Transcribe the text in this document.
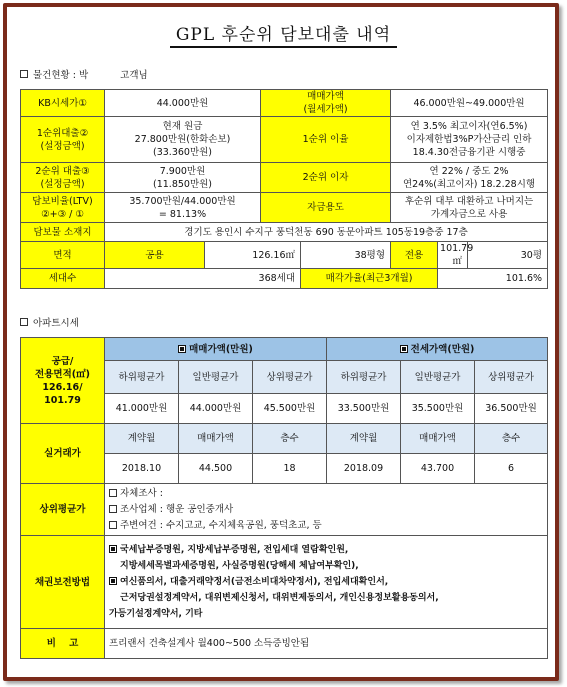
GPL 후순위 담보대출 내역
물건현황 : 박	고객님
KB시세가①	44.000만원		매매가액
(월세가액)		46.000만원~49.000만원		

1순위대출②
(설정금액)	현재 원금
27.800만원(한화손보)
(33.360만원)		1순위 이율		연 3.5% 최고이자(연6.5%)
이자제한법3%P가산금리 인하
18.4.30전금융기관 시행중		

2순위 대출③
(설정금액)	7.900만원
(11.850만원)		2순위 이자		연 22% / 중도 2%
연24%(최고이자) 18.2.28시행		

담보비율(LTV)
②+③ / ①	35.700만원/44.000만원
= 81.13%		자금용도		후순위 대부 대환하고 나머지는
가계자금으로 사용		

담보물 소재지	경기도 용인시 수지구 풍덕천동 690 동문아파트 105동19층중 17층						
면적	공용	126.16㎡		38평형	전용	101.79㎡	30평
세대수	368세대			매각가율(최근3개월)		101.6%	
아파트시세
공급/
전용면적(㎡)
126.16/
101.79	매매가액(만원)			전세가액(만원)		
	하위평균가	일반평균가	상위평균가	하위평균가	일반평균가	상위평균가
	41.000만원	44.000만원	45.500만원	33.500만원	35.500만원	36.500만원
실거래가	계약월	매매가액	층수	계약월	매매가액	층수
	2018.10	44.500	18	2018.09	43.700	6
상위평균가	자체조사 :
조사업체 : 행운 공인중개사
주변여건 : 수지고교, 수지체육공원, 풍덕초교, 등					

채권보전방법	국세납부증명원, 지방세납부증명원, 전입세대 열람확인원,
지방세세목별과세증명원, 사실증명원(당해세 체납여부확인),
여신품의서, 대출거래약정서(금전소비대차약정서), 전입세대확인서,
근저당권설정계약서, 대위변제신청서, 대위변제동의서, 개인신용정보활용동의서,
가등기설정계약서, 기타					

비    고	프리랜서 건축설계사 월400~500 소득증빙안됨					
